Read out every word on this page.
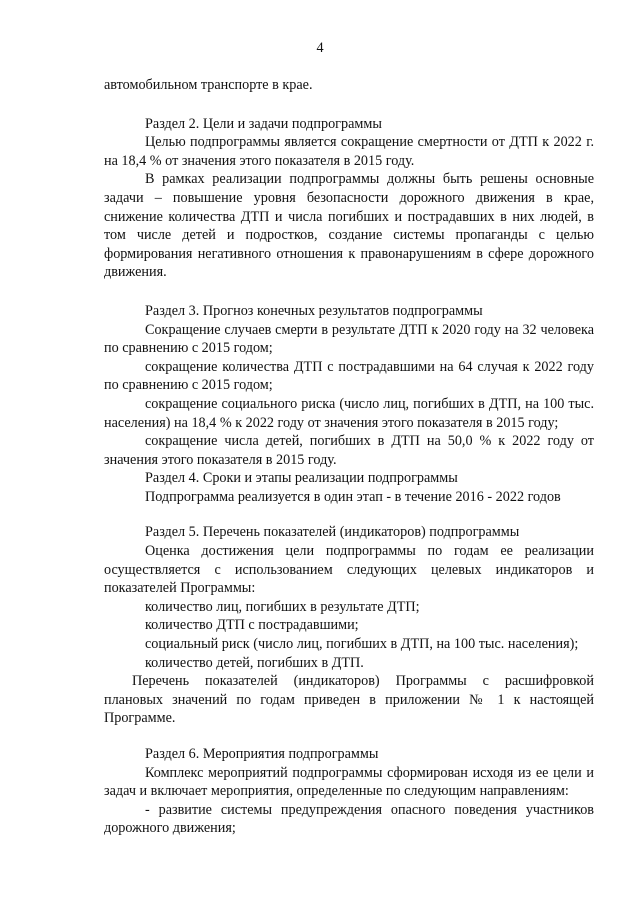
4

автомобильном транспорте в крае.

Раздел 2. Цели и задачи подпрограммы

Целью подпрограммы является сокращение смертности от ДТП к 2022 г. на 18,4 % от значения этого показателя в 2015 году.

В рамках реализации подпрограммы должны быть решены основные задачи – повышение уровня безопасности дорожного движения в крае, снижение количества ДТП и числа погибших и пострадавших в них людей, в том числе детей и подростков, создание системы пропаганды с целью формирования негативного отношения к правонарушениям в сфере дорожного движения.

Раздел 3. Прогноз конечных результатов подпрограммы

Сокращение случаев смерти в результате ДТП к 2020 году на 32 человека по сравнению с 2015 годом;

сокращение количества ДТП с пострадавшими на 64 случая к 2022 году по сравнению с 2015 годом;

сокращение социального риска (число лиц, погибших в ДТП, на 100 тыс. населения) на 18,4 % к 2022 году от значения этого показателя в 2015 году;

сокращение числа детей, погибших в ДТП на 50,0 % к 2022 году от значения этого показателя в 2015 году.

Раздел 4. Сроки и этапы реализации подпрограммы

Подпрограмма реализуется в один этап - в течение 2016 - 2022 годов

Раздел 5. Перечень показателей (индикаторов) подпрограммы

Оценка достижения цели подпрограммы по годам ее реализации осуществляется с использованием следующих целевых индикаторов и показателей Программы:

количество лиц, погибших в результате ДТП;

количество ДТП с пострадавшими;

социальный риск (число лиц, погибших в ДТП, на 100 тыс. населения);

количество детей, погибших в ДТП.

Перечень показателей (индикаторов) Программы с расшифровкой плановых значений по годам приведен в приложении № 1 к настоящей Программе.

Раздел 6. Мероприятия подпрограммы

Комплекс мероприятий подпрограммы сформирован исходя из ее цели и задач и включает мероприятия, определенные по следующим направлениям:

- развитие системы предупреждения опасного поведения участников дорожного движения;
